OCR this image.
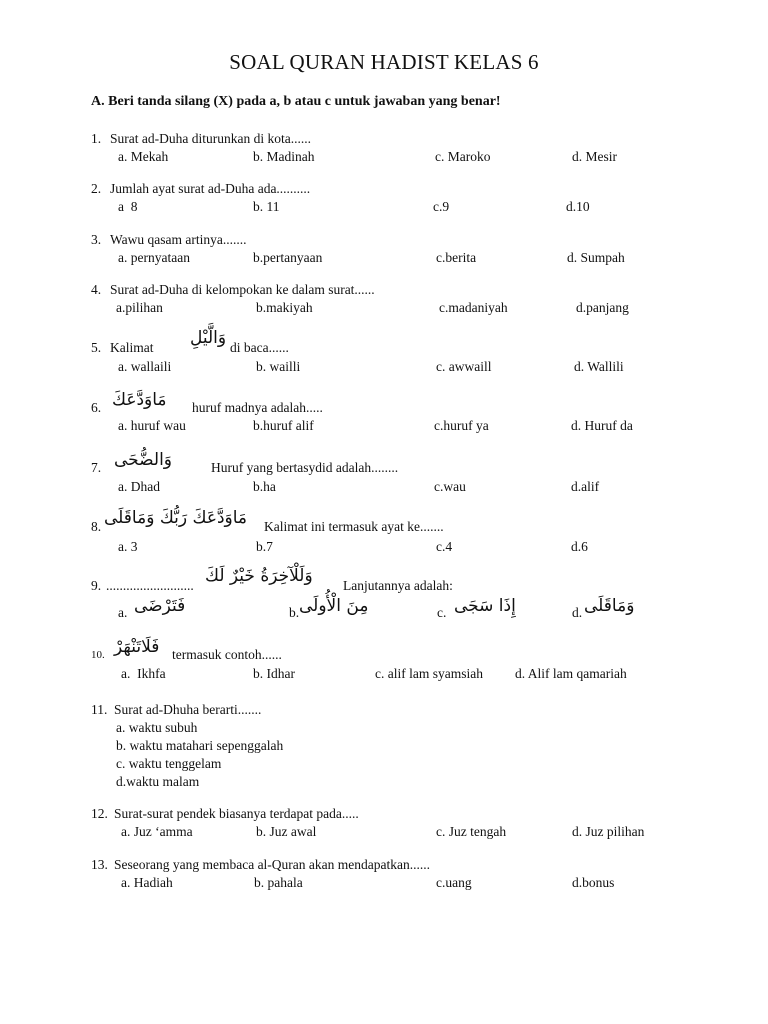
SOAL QURAN HADIST KELAS 6
A. Beri tanda silang (X) pada a, b atau c untuk jawaban yang benar!
1. Surat ad-Duha diturunkan di kota......
a. Mekah	b. Madinah	c. Maroko	d. Mesir
2. Jumlah ayat surat ad-Duha ada..........
a  8	b. 11	c.9	d.10
3. Wawu qasam artinya.......
a. pernyataan	b.pertanyaan	c.berita	d. Sumpah
4. Surat ad-Duha di kelompokan ke dalam surat......
a.pilihan	b.makiyah	c.madaniyah	d.panjang
5. Kalimat وَالَّيْلِ di baca......
a. wallaili	b. wailli	c. awwaill	d. Wallili
6. مَاوَدَّعَكَ huruf madnya adalah.....
a. huruf wau	b.huruf alif	c.huruf ya	d. Huruf da
7. وَالضُّحَى	Huruf yang bertasydid adalah........
a. Dhad	b.ha	c.wau	d.alif
8. مَاوَدَّعَكَ رَبُّكَ وَمَاقَلَى Kalimat ini termasuk ayat ke.......
a. 3	b.7	c.4	d.6
9. .......................... وَلَلْآخِرَةُ خَيْرٌ لَكَ Lanjutannya adalah:
a. فَتَرْضَى	b. مِنَ الْأُولَى	c. إِذَا سَجَى	d. وَمَاقَلَى
10. فَلَاتَنْهَرْ termasuk contoh......
a.  Ikhfa	b. Idhar	c. alif lam syamsiah d. Alif lam qamariah
11. Surat ad-Dhuha berarti.......
a. waktu subuh
b. waktu matahari sepenggalah
c. waktu tenggelam
d.waktu malam
12. Surat-surat pendek biasanya terdapat pada.....
a. Juz ‘amma	b. Juz awal	c. Juz tengah	d. Juz pilihan
13. Seseorang yang membaca al-Quran akan mendapatkan......
a. Hadiah	b. pahala	c.uang	d.bonus
